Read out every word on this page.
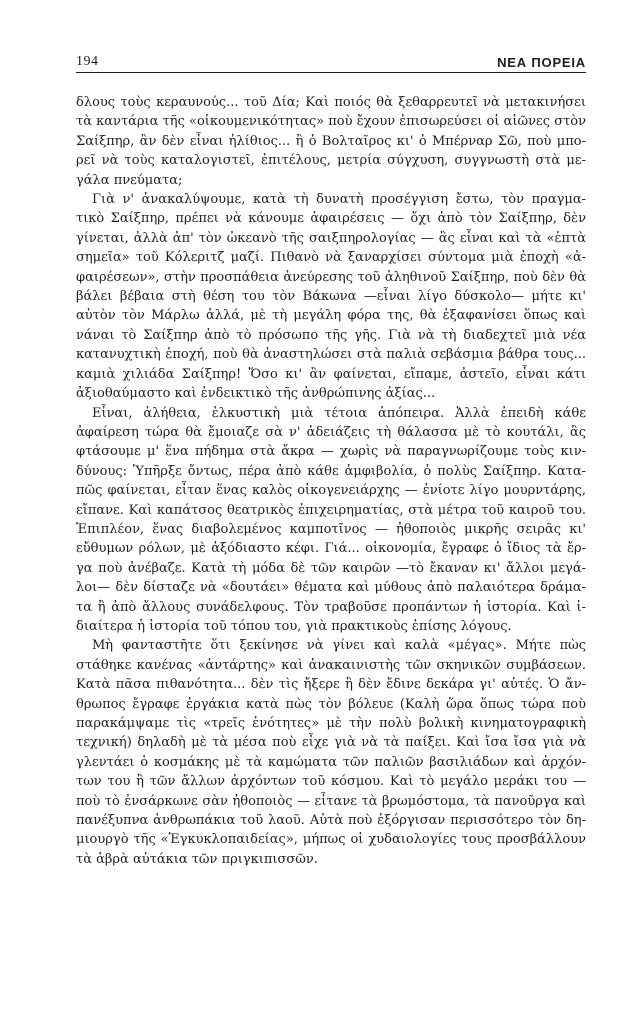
194	ΝΕΑ ΠΟΡΕΙΑ

δλους τοὺς κεραυνούς... τοῦ Δία; Καὶ ποιός θὰ ξεθαρρευτεῖ νὰ μετακινήσει
τὰ καντάρια τῆς «οἰκουμενικότητας» ποὺ ἔχουν ἐπισωρεύσει οἱ αἰῶνες στὸν
Σαίξπηρ, ἂν δὲν εἶναι ἠλίθιος... ἢ ὁ Βολταῖρος κι' ὁ Μπέρναρ Σῶ, ποὺ μπο-
ρεῖ νὰ τοὺς καταλογιστεῖ, ἐπιτέλους, μετρία σύγχυση, συγγνωστὴ στὰ με-
γάλα πνεύματα;

Γιὰ ν' ἀνακαλύψουμε, κατὰ τὴ δυνατὴ προσέγγιση ἔστω, τὸν πραγμα-
τικὸ Σαίξπηρ, πρέπει νὰ κάνουμε ἀφαιρέσεις — ὄχι ἀπὸ τὸν Σαίξπηρ, δὲν
γίνεται, ἀλλὰ ἀπ' τὸν ὠκεανὸ τῆς σαιξπηρολογίας — ἂς εἶναι καὶ τὰ «ἑπτὰ
σημεῖα» τοῦ Κόλεριτζ μαζί. Πιθανὸ νὰ ξαναρχίσει σύντομα μιὰ ἐποχὴ «ἀ-
φαιρέσεων», στὴν προσπάθεια ἀνεύρεσης τοῦ ἀληθινοῦ Σαίξπηρ, ποὺ δὲν θὰ
βάλει βέβαια στὴ θέση του τὸν Βάκωνα —εἶναι λίγο δύσκολο— μήτε κι'
αὐτὸν τὸν Μάρλω ἀλλά, μὲ τὴ μεγάλη φόρα της, θὰ ἐξαφανίσει ὅπως καὶ
νάναι τὸ Σαίξπηρ ἀπὸ τὸ πρόσωπο τῆς γῆς. Γιὰ νὰ τὴ διαδεχτεῖ μιὰ νέα
κατανυχτικὴ ἐποχή, ποὺ θὰ ἀναστηλώσει στὰ παλιὰ σεβάσμια βάθρα τους...
καμιὰ χιλιάδα Σαίξπηρ! Ὅσο κι' ἂν φαίνεται, εἴπαμε, ἀστεῖο, εἶναι κάτι
ἀξιοθαύμαστο καὶ ἐνδεικτικὸ τῆς ἀνθρώπινης ἀξίας...

Εἶναι, ἀλήθεια, ἑλκυστικὴ μιὰ τέτοια ἀπόπειρα. Ἀλλὰ ἐπειδὴ κάθε
ἀφαίρεση τώρα θὰ ἔμοιαζε σὰ ν' ἀδειάζεις τὴ θάλασσα μὲ τὸ κουτάλι, ἂς
φτάσουμε μ' ἕνα πήδημα στὰ ἄκρα — χωρὶς νὰ παραγνωρίζουμε τοὺς κιν-
δύνους: Ὑπῆρξε ὄντως, πέρα ἀπὸ κάθε ἀμφιβολία, ὁ πολὺς Σαίξπηρ. Κατα-
πῶς φαίνεται, εἶταν ἕνας καλὸς οἰκογενειάρχης — ἐνίοτε λίγο μουρντάρης,
εἴπανε. Καὶ καπάτσος θεατρικὸς ἐπιχειρηματίας, στὰ μέτρα τοῦ καιροῦ του.
Ἐπιπλέον, ἕνας διαβολεμένος καμποτῖνος — ἠθοποιὸς μικρῆς σειρᾶς κι'
εὔθυμων ρόλων, μὲ ἀξόδιαστο κέφι. Γιά... οἰκονομία, ἔγραφε ὁ ἴδιος τὰ ἔρ-
γα ποὺ ἀνέβαζε. Κατὰ τὴ μόδα δὲ τῶν καιρῶν —τὸ ἔκαναν κι' ἄλλοι μεγά-
λοι— δὲν δίσταζε νὰ «δουτάει» θέματα καὶ μύθους ἀπὸ παλαιότερα δράμα-
τα ἢ ἀπὸ ἄλλους συνάδελφους. Τὸν τραβοῦσε προπάντων ἡ ἱστορία. Καὶ ἰ-
διαίτερα ἡ ἱστορία τοῦ τόπου του, γιὰ πρακτικοὺς ἐπίσης λόγους.

Μὴ φανταστῆτε ὅτι ξεκίνησε νὰ γίνει καὶ καλὰ «μέγας». Μήτε πὼς
στάθηκε κανένας «ἀντάρτης» καὶ ἀνακαινιστὴς τῶν σκηνικῶν συμβάσεων.
Κατὰ πᾶσα πιθανότητα... δὲν τὶς ἤξερε ἢ δὲν ἔδινε δεκάρα γι' αὐτές. Ὁ ἄν-
θρωπος ἔγραφε ἐργάκια κατὰ πὼς τὸν βόλευε (Καλὴ ὥρα ὅπως τώρα ποὺ
παρακάμψαμε τὶς «τρεῖς ἑνότητες» μὲ τὴν πολὺ βολικὴ κινηματογραφικὴ
τεχνική) δηλαδὴ μὲ τὰ μέσα ποὺ εἶχε γιὰ νὰ τὰ παίξει. Καὶ ἴσα ἴσα γιὰ νὰ
γλεντάει ὁ κοσμάκης μὲ τὰ καμώματα τῶν παλιῶν βασιλιάδων καὶ ἀρχόν-
των του ἢ τῶν ἄλλων ἀρχόντων τοῦ κόσμου. Καὶ τὸ μεγάλο μεράκι του —
ποὺ τὸ ἐνσάρκωνε σὰν ἠθοποιὸς — εἶτανε τὰ βρωμόστομα, τὰ πανοῦργα καὶ
πανέξυπνα ἀνθρωπάκια τοῦ λαοῦ. Αὐτὰ ποὺ ἐξόργισαν περισσότερο τὸν δη-
μιουργὸ τῆς «Ἐγκυκλοπαιδείας», μήπως οἱ χυδαιολογίες τους προσβάλλουν
τὰ ἁβρὰ αὐτάκια τῶν πριγκιπισσῶν.
